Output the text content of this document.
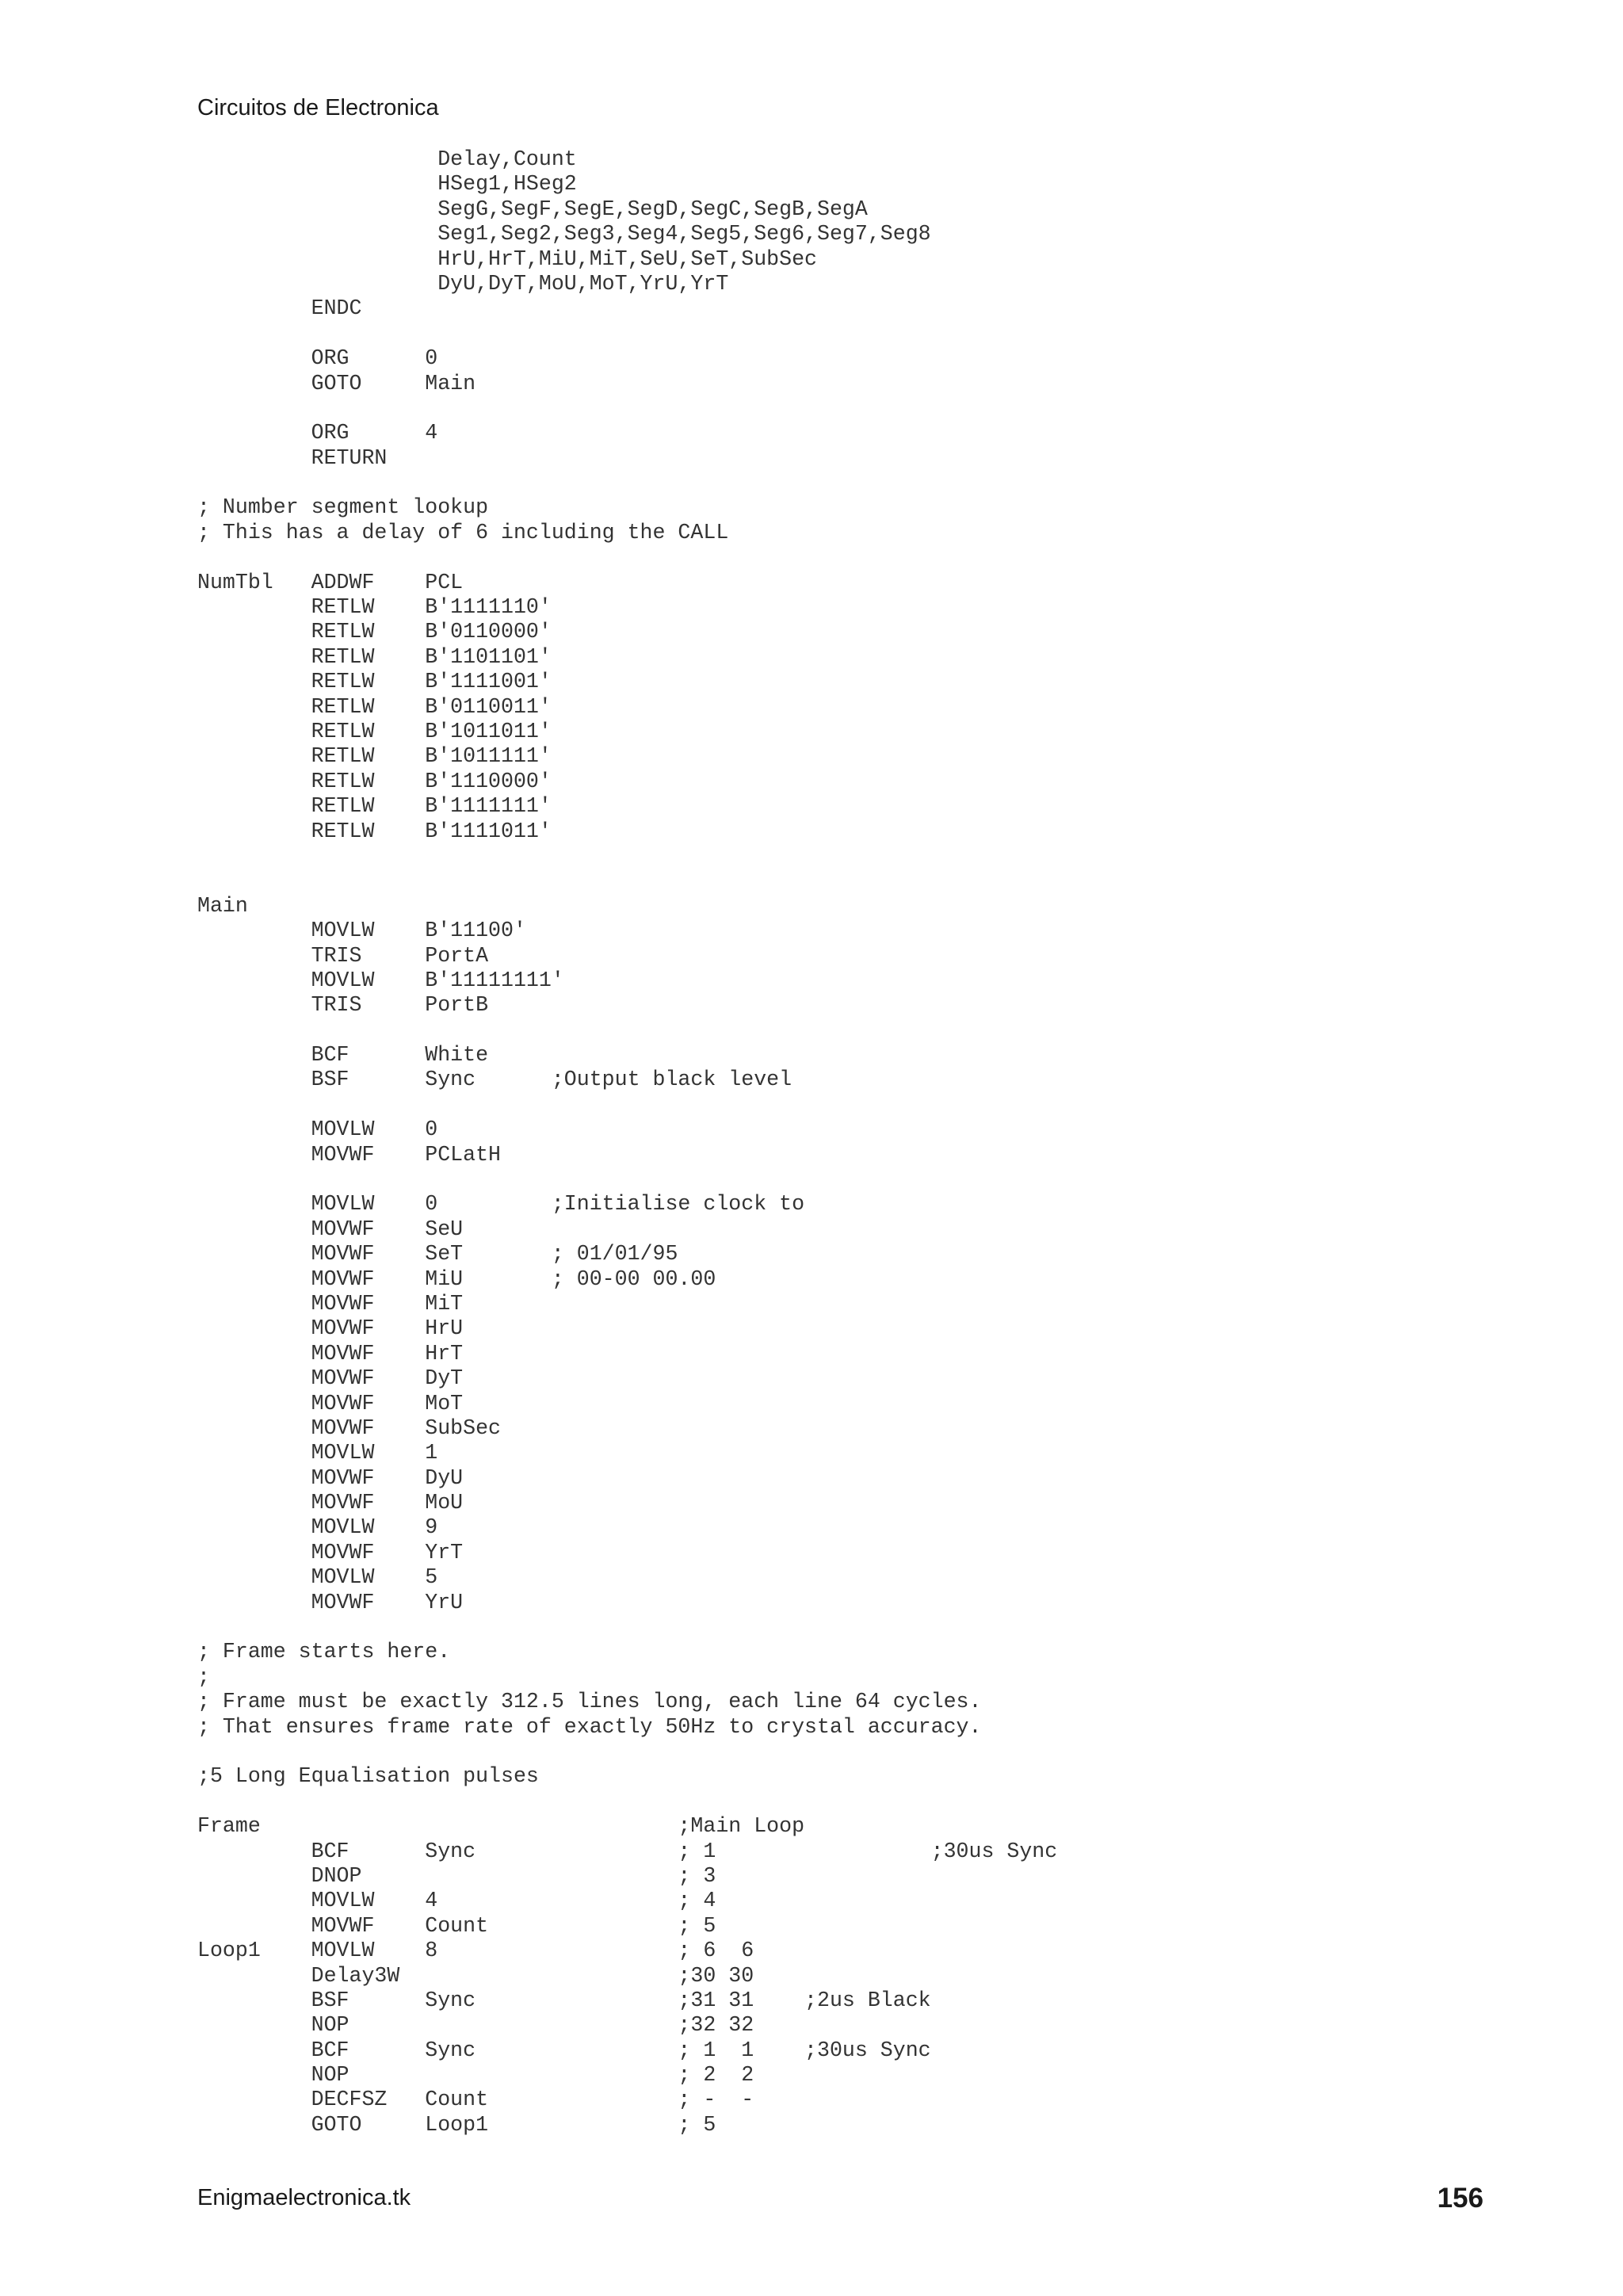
Circuitos de Electronica
Delay,Count
HSeg1,HSeg2
SegG,SegF,SegE,SegD,SegC,SegB,SegA
Seg1,Seg2,Seg3,Seg4,Seg5,Seg6,Seg7,Seg8
HrU,HrT,MiU,MiT,SeU,SeT,SubSec
DyU,DyT,MoU,MoT,YrU,YrT
ENDC
ORG      0
GOTO     Main
ORG      4
RETURN
; Number segment lookup
; This has a delay of 6 including the CALL
NumTbl   ADDWF    PCL
RETLW    B'1111110'
RETLW    B'0110000'
RETLW    B'1101101'
RETLW    B'1111001'
RETLW    B'0110011'
RETLW    B'1011011'
RETLW    B'1011111'
RETLW    B'1110000'
RETLW    B'1111111'
RETLW    B'1111011'
Main
MOVLW    B'11100'
TRIS     PortA
MOVLW    B'11111111'
TRIS     PortB
BCF      White
BSF      Sync      ;Output black level
MOVLW    0
MOVWF    PCLatH
MOVLW    0         ;Initialise clock to
MOVWF    SeU
MOVWF    SeT       ; 01/01/95
MOVWF    MiU       ; 00-00 00.00
MOVWF    MiT
MOVWF    HrU
MOVWF    HrT
MOVWF    DyT
MOVWF    MoT
MOVWF    SubSec
MOVLW    1
MOVWF    DyU
MOVWF    MoU
MOVLW    9
MOVWF    YrT
MOVLW    5
MOVWF    YrU
; Frame starts here.
;
; Frame must be exactly 312.5 lines long, each line 64 cycles.
; That ensures frame rate of exactly 50Hz to crystal accuracy.
;5 Long Equalisation pulses
Frame                                 ;Main Loop
BCF      Sync                ; 1                 ;30us Sync
DNOP                         ; 3
MOVLW    4                   ; 4
MOVWF    Count               ; 5
Loop1    MOVLW    8                   ; 6  6
Delay3W                      ;30 30
BSF      Sync                ;31 31    ;2us Black
NOP                          ;32 32
BCF      Sync                ; 1  1    ;30us Sync
NOP                          ; 2  2
DECFSZ   Count               ; -  -
GOTO     Loop1               ; 5
Enigmaelectronica.tk	156
